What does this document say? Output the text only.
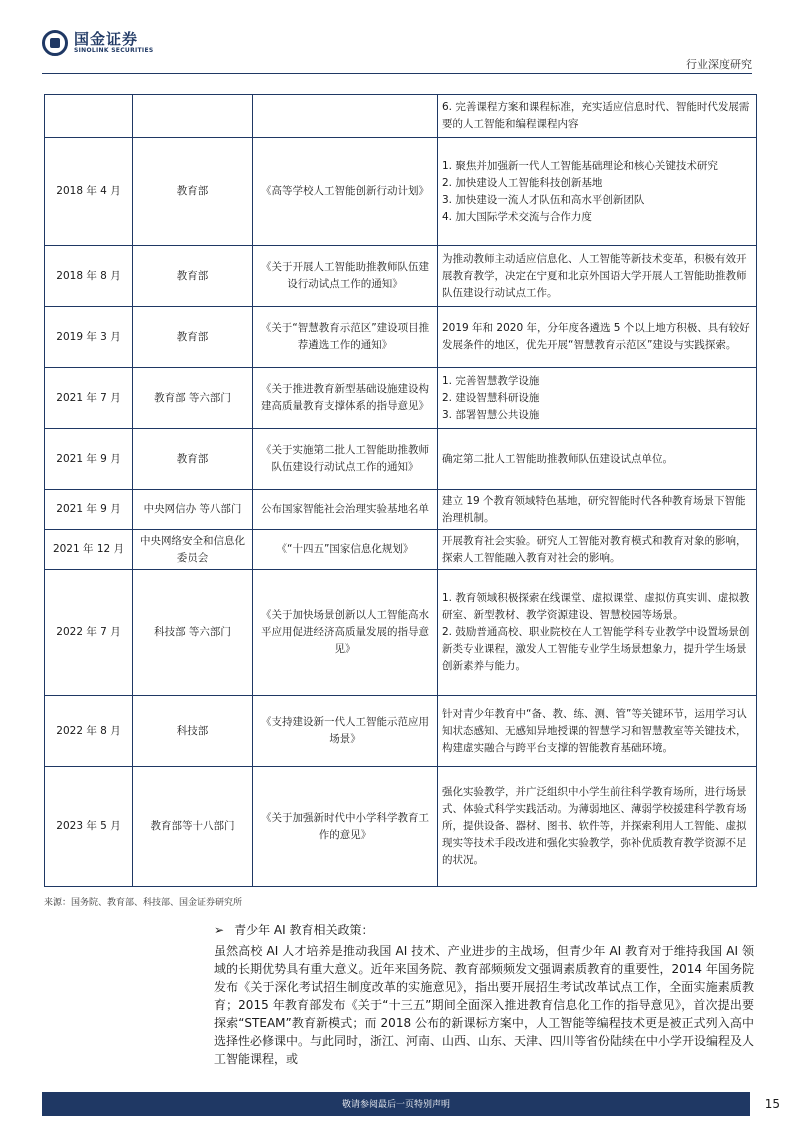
国金证券
SINOLINK SECURITIES
行业深度研究

			6. 完善课程方案和课程标准，充实适应信息时代、智能时代发展需要的人工智能和编程课程内容

2018 年 4 月	教育部	《高等学校人工智能创新行动计划》	1. 聚焦并加强新一代人工智能基础理论和核心关键技术研究
2. 加快建设人工智能科技创新基地
3. 加快建设一流人才队伍和高水平创新团队
4. 加大国际学术交流与合作力度

2018 年 8 月	教育部	《关于开展人工智能助推教师队伍建设行动试点工作的通知》	为推动教师主动适应信息化、人工智能等新技术变革，积极有效开展教育教学，决定在宁夏和北京外国语大学开展人工智能助推教师队伍建设行动试点工作。

2019 年 3 月	教育部	《关于“智慧教育示范区”建设项目推荐遴选工作的通知》	2019 年和 2020 年，分年度各遴选 5 个以上地方积极、具有较好发展条件的地区，优先开展“智慧教育示范区”建设与实践探索。

2021 年 7 月	教育部 等六部门	《关于推进教育新型基础设施建设构建高质量教育支撑体系的指导意见》	1. 完善智慧教学设施
2. 建设智慧科研设施
3. 部署智慧公共设施

2021 年 9 月	教育部	《关于实施第二批人工智能助推教师队伍建设行动试点工作的通知》	确定第二批人工智能助推教师队伍建设试点单位。

2021 年 9 月	中央网信办 等八部门	公布国家智能社会治理实验基地名单	建立 19 个教育领域特色基地，研究智能时代各种教育场景下智能治理机制。

2021 年 12 月	中央网络安全和信息化委员会	《“十四五”国家信息化规划》	开展教育社会实验。研究人工智能对教育模式和教育对象的影响，探索人工智能融入教育对社会的影响。

2022 年 7 月	科技部 等六部门	《关于加快场景创新以人工智能高水平应用促进经济高质量发展的指导意见》	1. 教育领域积极探索在线课堂、虚拟课堂、虚拟仿真实训、虚拟教研室、新型教材、教学资源建设、智慧校园等场景。
2. 鼓励普通高校、职业院校在人工智能学科专业教学中设置场景创新类专业课程，激发人工智能专业学生场景想象力，提升学生场景创新素养与能力。

2022 年 8 月	科技部	《支持建设新一代人工智能示范应用场景》	针对青少年教育中“备、教、练、测、管”等关键环节，运用学习认知状态感知、无感知异地授课的智慧学习和智慧教室等关键技术，构建虚实融合与跨平台支撑的智能教育基础环境。

2023 年 5 月	教育部等十八部门	《关于加强新时代中小学科学教育工作的意见》	强化实验教学，并广泛组织中小学生前往科学教育场所，进行场景式、体验式科学实践活动。为薄弱地区、薄弱学校援建科学教育场所，提供设备、器材、图书、软件等，并探索利用人工智能、虚拟现实等技术手段改进和强化实验教学，弥补优质教育教学资源不足的状况。
来源：国务院、教育部、科技部、国金证券研究所
➢ 青少年 AI 教育相关政策：
虽然高校 AI 人才培养是推动我国 AI 技术、产业进步的主战场，但青少年 AI 教育对于维持我国 AI 领域的长期优势具有重大意义。近年来国务院、教育部频频发文强调素质教育的重要性，2014 年国务院发布《关于深化考试招生制度改革的实施意见》，指出要开展招生考试改革试点工作，全面实施素质教育；2015 年教育部发布《关于“十三五”期间全面深入推进教育信息化工作的指导意见》，首次提出要探索“STEAM”教育新模式；而 2018 公布的新课标方案中，人工智能等编程技术更是被正式列入高中选择性必修课中。与此同时，浙江、河南、山西、山东、天津、四川等省份陆续在中小学开设编程及人工智能课程，或
敬请参阅最后一页特别声明	15
